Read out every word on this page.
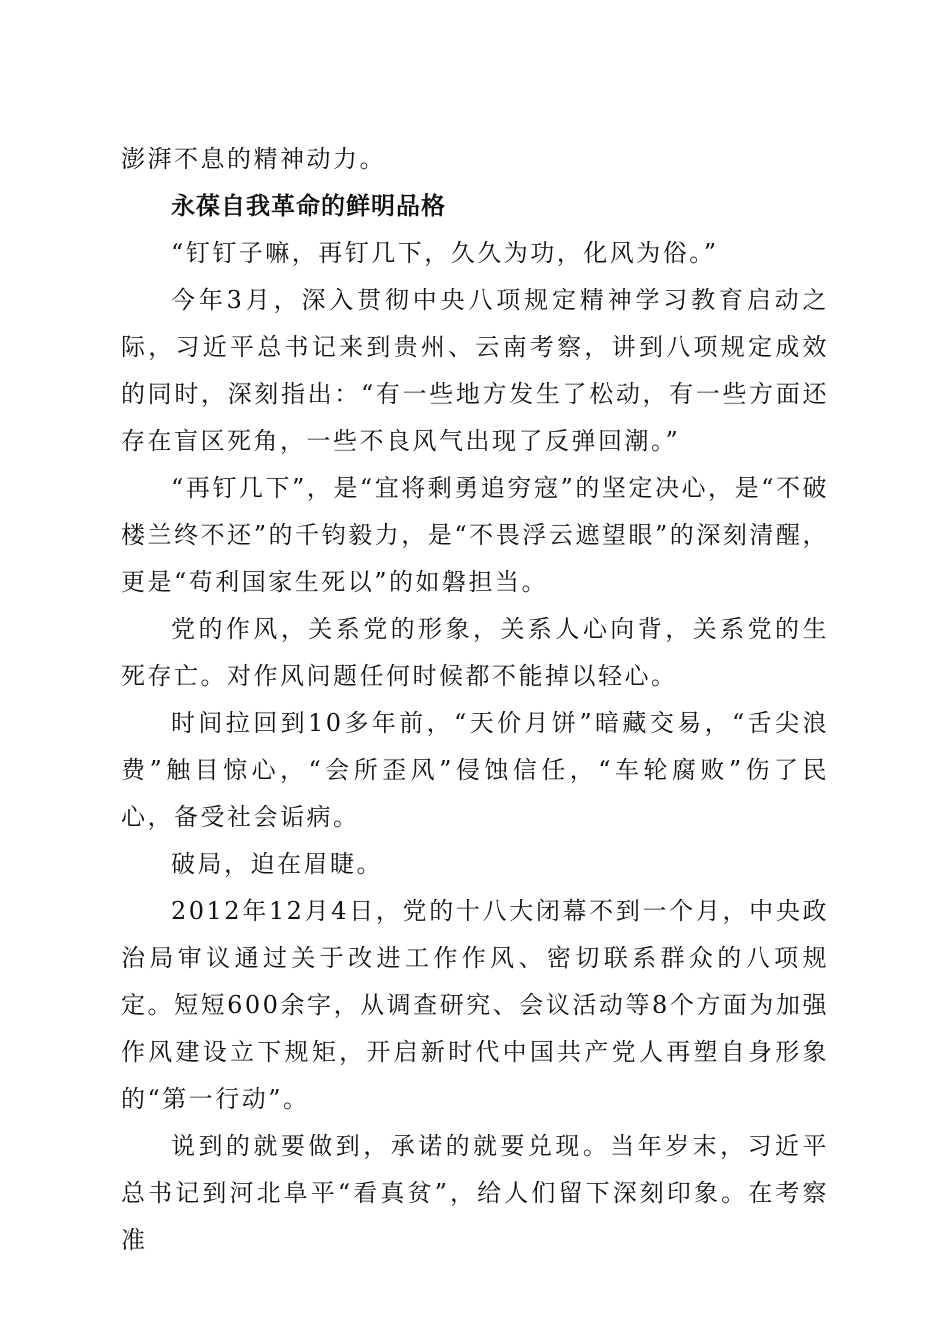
澎湃不息的精神动力。

永葆自我革命的鲜明品格

“钉钉子嘛，再钉几下，久久为功，化风为俗。”

今年3月，深入贯彻中央八项规定精神学习教育启动之际，习近平总书记来到贵州、云南考察，讲到八项规定成效的同时，深刻指出：“有一些地方发生了松动，有一些方面还存在盲区死角，一些不良风气出现了反弹回潮。”

“再钉几下”，是“宜将剩勇追穷寇”的坚定决心，是“不破楼兰终不还”的千钧毅力，是“不畏浮云遮望眼”的深刻清醒，更是“苟利国家生死以”的如磐担当。

党的作风，关系党的形象，关系人心向背，关系党的生死存亡。对作风问题任何时候都不能掉以轻心。

时间拉回到10多年前，“天价月饼”暗藏交易，“舌尖浪费”触目惊心，“会所歪风”侵蚀信任，“车轮腐败”伤了民心，备受社会诟病。

破局，迫在眉睫。

2012年12月4日，党的十八大闭幕不到一个月，中央政治局审议通过关于改进工作作风、密切联系群众的八项规定。短短600余字，从调查研究、会议活动等8个方面为加强作风建设立下规矩，开启新时代中国共产党人再塑自身形象的“第一行动”。

说到的就要做到，承诺的就要兑现。当年岁末，习近平总书记到河北阜平“看真贫”，给人们留下深刻印象。在考察准
